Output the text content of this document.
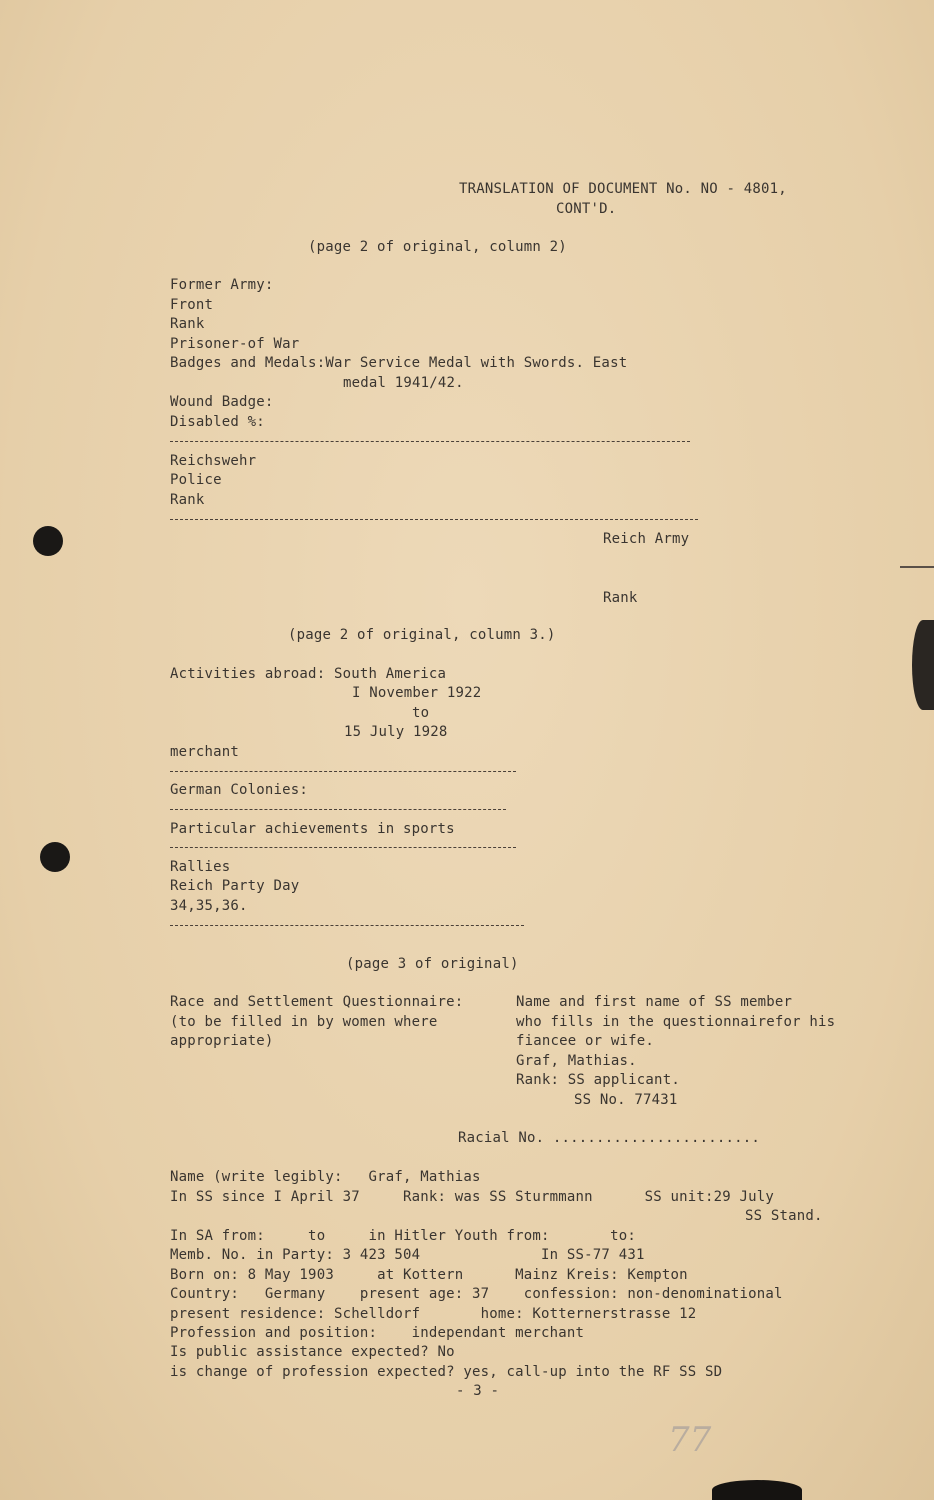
TRANSLATION OF DOCUMENT No. NO - 4801,
CONT'D.
(page 2 of original, column 2)
Former Army:
Front
Rank
Prisoner-of War
Badges and Medals:War Service Medal with Swords. East
medal 1941/42.
Wound Badge:
Disabled %:
Reichswehr
Police
Rank
Reich Army
Rank
(page 2 of original, column 3.)
Activities abroad: South America
I November 1922
to
15 July 1928
merchant
German Colonies:
Particular achievements in sports
Rallies
Reich Party Day
34,35,36.
(page 3 of original)
Race and Settlement Questionnaire:
(to be filled in by women where
appropriate)
Name and first name of SS member
who fills in the questionnairefor his
fiancee or wife.
Graf, Mathias.
Rank: SS applicant.
SS No. 77431
Racial No. ........................
Name (write legibly:   Graf, Mathias
In SS since I April 37     Rank: was SS Sturmmann      SS unit:29 July
SS Stand.
In SA from:     to     in Hitler Youth from:       to:
Memb. No. in Party: 3 423 504              In SS-77 431
Born on: 8 May 1903     at Kottern      Mainz Kreis: Kempton
Country:   Germany    present age: 37    confession: non-denominational
present residence: Schelldorf       home: Kotternerstrasse 12
Profession and position:    independant merchant
Is public assistance expected? No
is change of profession expected? yes, call-up into the RF SS SD
- 3 -
77
